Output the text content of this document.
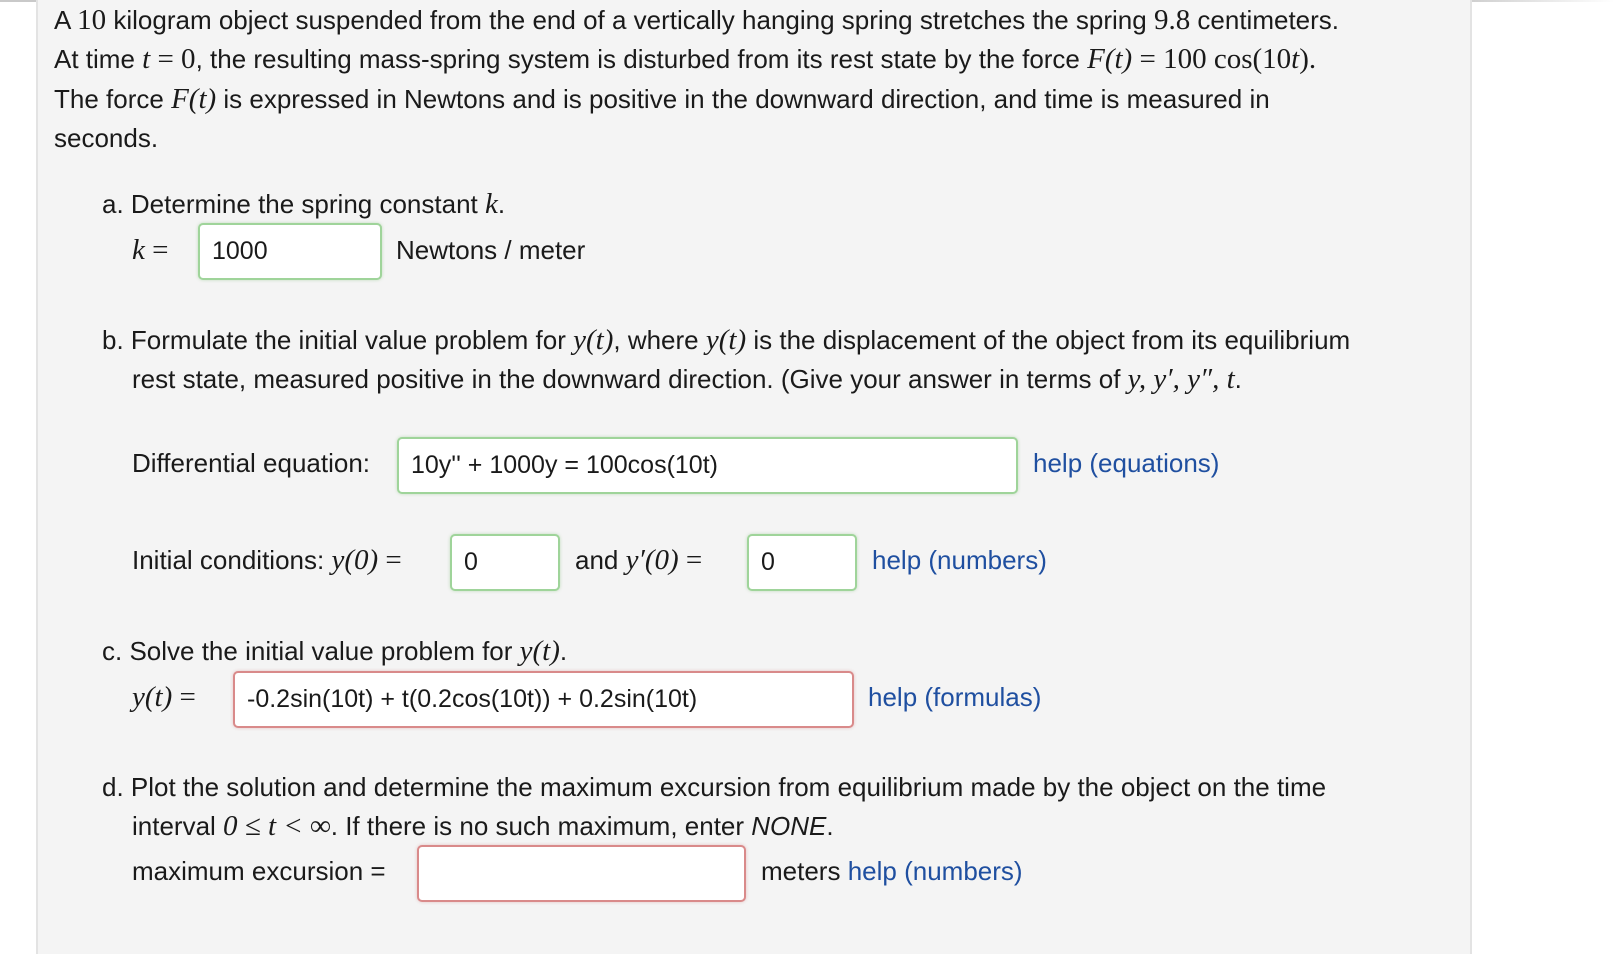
A 10 kilogram object suspended from the end of a vertically hanging spring stretches the spring 9.8 centimeters.
At time t = 0, the resulting mass-spring system is disturbed from its rest state by the force F(t) = 100 cos(10t).
The force F(t) is expressed in Newtons and is positive in the downward direction, and time is measured in
seconds.
a. Determine the spring constant k.
k =	1000	Newtons / meter
b. Formulate the initial value problem for y(t), where y(t) is the displacement of the object from its equilibrium
rest state, measured positive in the downward direction. (Give your answer in terms of y, y′, y″, t.
Differential equation:	10y'' + 1000y = 100cos(10t)	help (equations)
Initial conditions: y(0) =	0	and y′(0) =	0	help (numbers)
c. Solve the initial value problem for y(t).
y(t) =	-0.2sin(10t) + t(0.2cos(10t)) + 0.2sin(10t)	help (formulas)
d. Plot the solution and determine the maximum excursion from equilibrium made by the object on the time
interval 0 ≤ t < ∞. If there is no such maximum, enter NONE.
maximum excursion =	meters help (numbers)
